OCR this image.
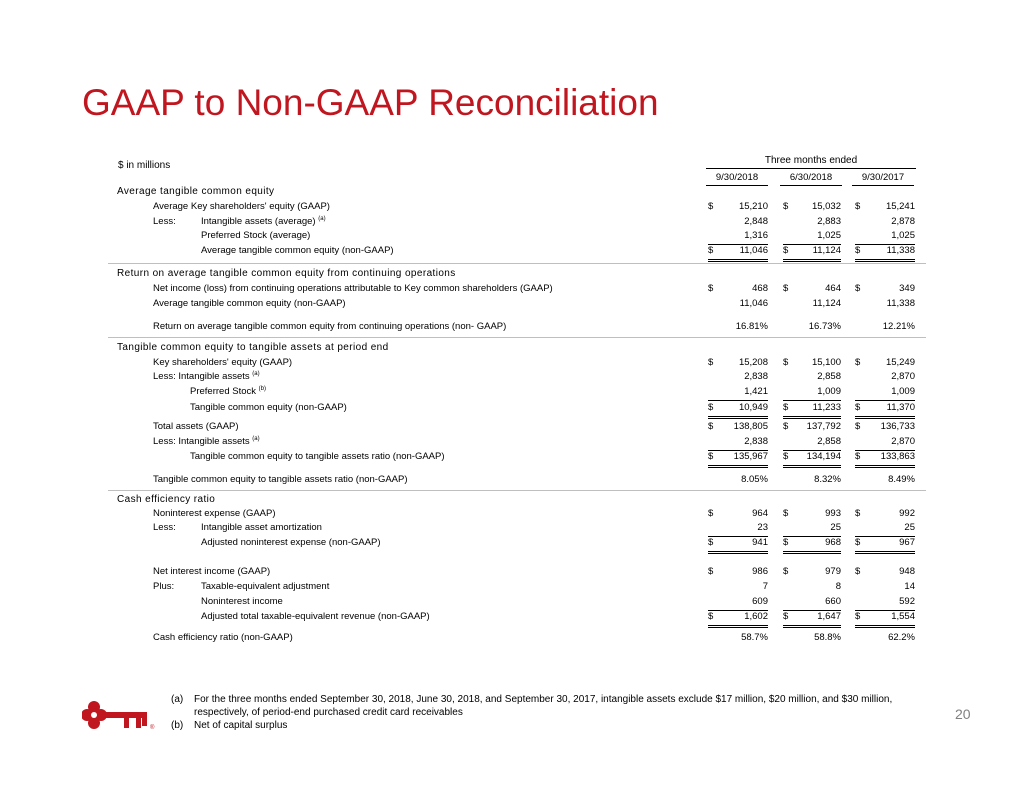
GAAP to Non-GAAP Reconciliation
$ in millions	Three months ended
9/30/2018	6/30/2018	9/30/2017
Average tangible common equity
Average Key shareholders' equity (GAAP)	$	15,210 $ 15,032 $	15,241
Less:	Intangible assets (average) $^{(a)}$	2,848	2,883	2,878
Preferred Stock (average)	1,316	1,025	1,025
Average tangible common equity (non-GAAP)	$	11,046 $	11,124 $	11,338
Return on average tangible common equity from continuing operations
Net income (loss) from continuing operations attributable to Key common shareholders (GAAP)	$	468 $	464 $	349
Average tangible common equity (non-GAAP)	11,046	11,124	11,338
Return on average tangible common equity from continuing operations (non- GAAP)	16.81%	16.73%	12.21%
Tangible common equity to tangible assets at period end
Key shareholders' equity (GAAP)	$	15,208 $ 15,100 $	15,249
Less: Intangible assets $^{(a)}$	2,838	2,858	2,870
Preferred Stock $^{(b)}$	1,421	1,009	1,009
Tangible common equity (non-GAAP)	$	10,949 $	11,233 $	11,370
Total assets (GAAP)	$ 138,805 $ 137,792 $ 136,733
Less: Intangible assets $^{(a)}$	2,838	2,858	2,870
Tangible common equity to tangible assets ratio (non-GAAP)	$ 135,967 $ 134,194 $ 133,863
Tangible common equity to tangible assets ratio (non-GAAP)	8.05%	8.32%	8.49%
Cash efficiency ratio
Noninterest expense (GAAP)	$	964 $	993 $	992
Less:	Intangible asset amortization	23	25	25
Adjusted noninterest expense (non-GAAP)	$	941 $	968 $	967
Net interest income (GAAP)	$	986 $	979 $	948
Plus:	Taxable-equivalent adjustment	7	8	14
Noninterest income	609	660	592
Adjusted total taxable-equivalent revenue (non-GAAP)	$	1,602 $	1,647 $	1,554
Cash efficiency ratio (non-GAAP)	58.7%	58.8%	62.2%
(a) For the three months ended September 30, 2018, June 30, 2018, and September 30, 2017, intangible assets exclude $17 million, $20 million, and $30 million,
respectively, of period-end purchased credit card receivables
(b) Net of capital surplus
20
®
